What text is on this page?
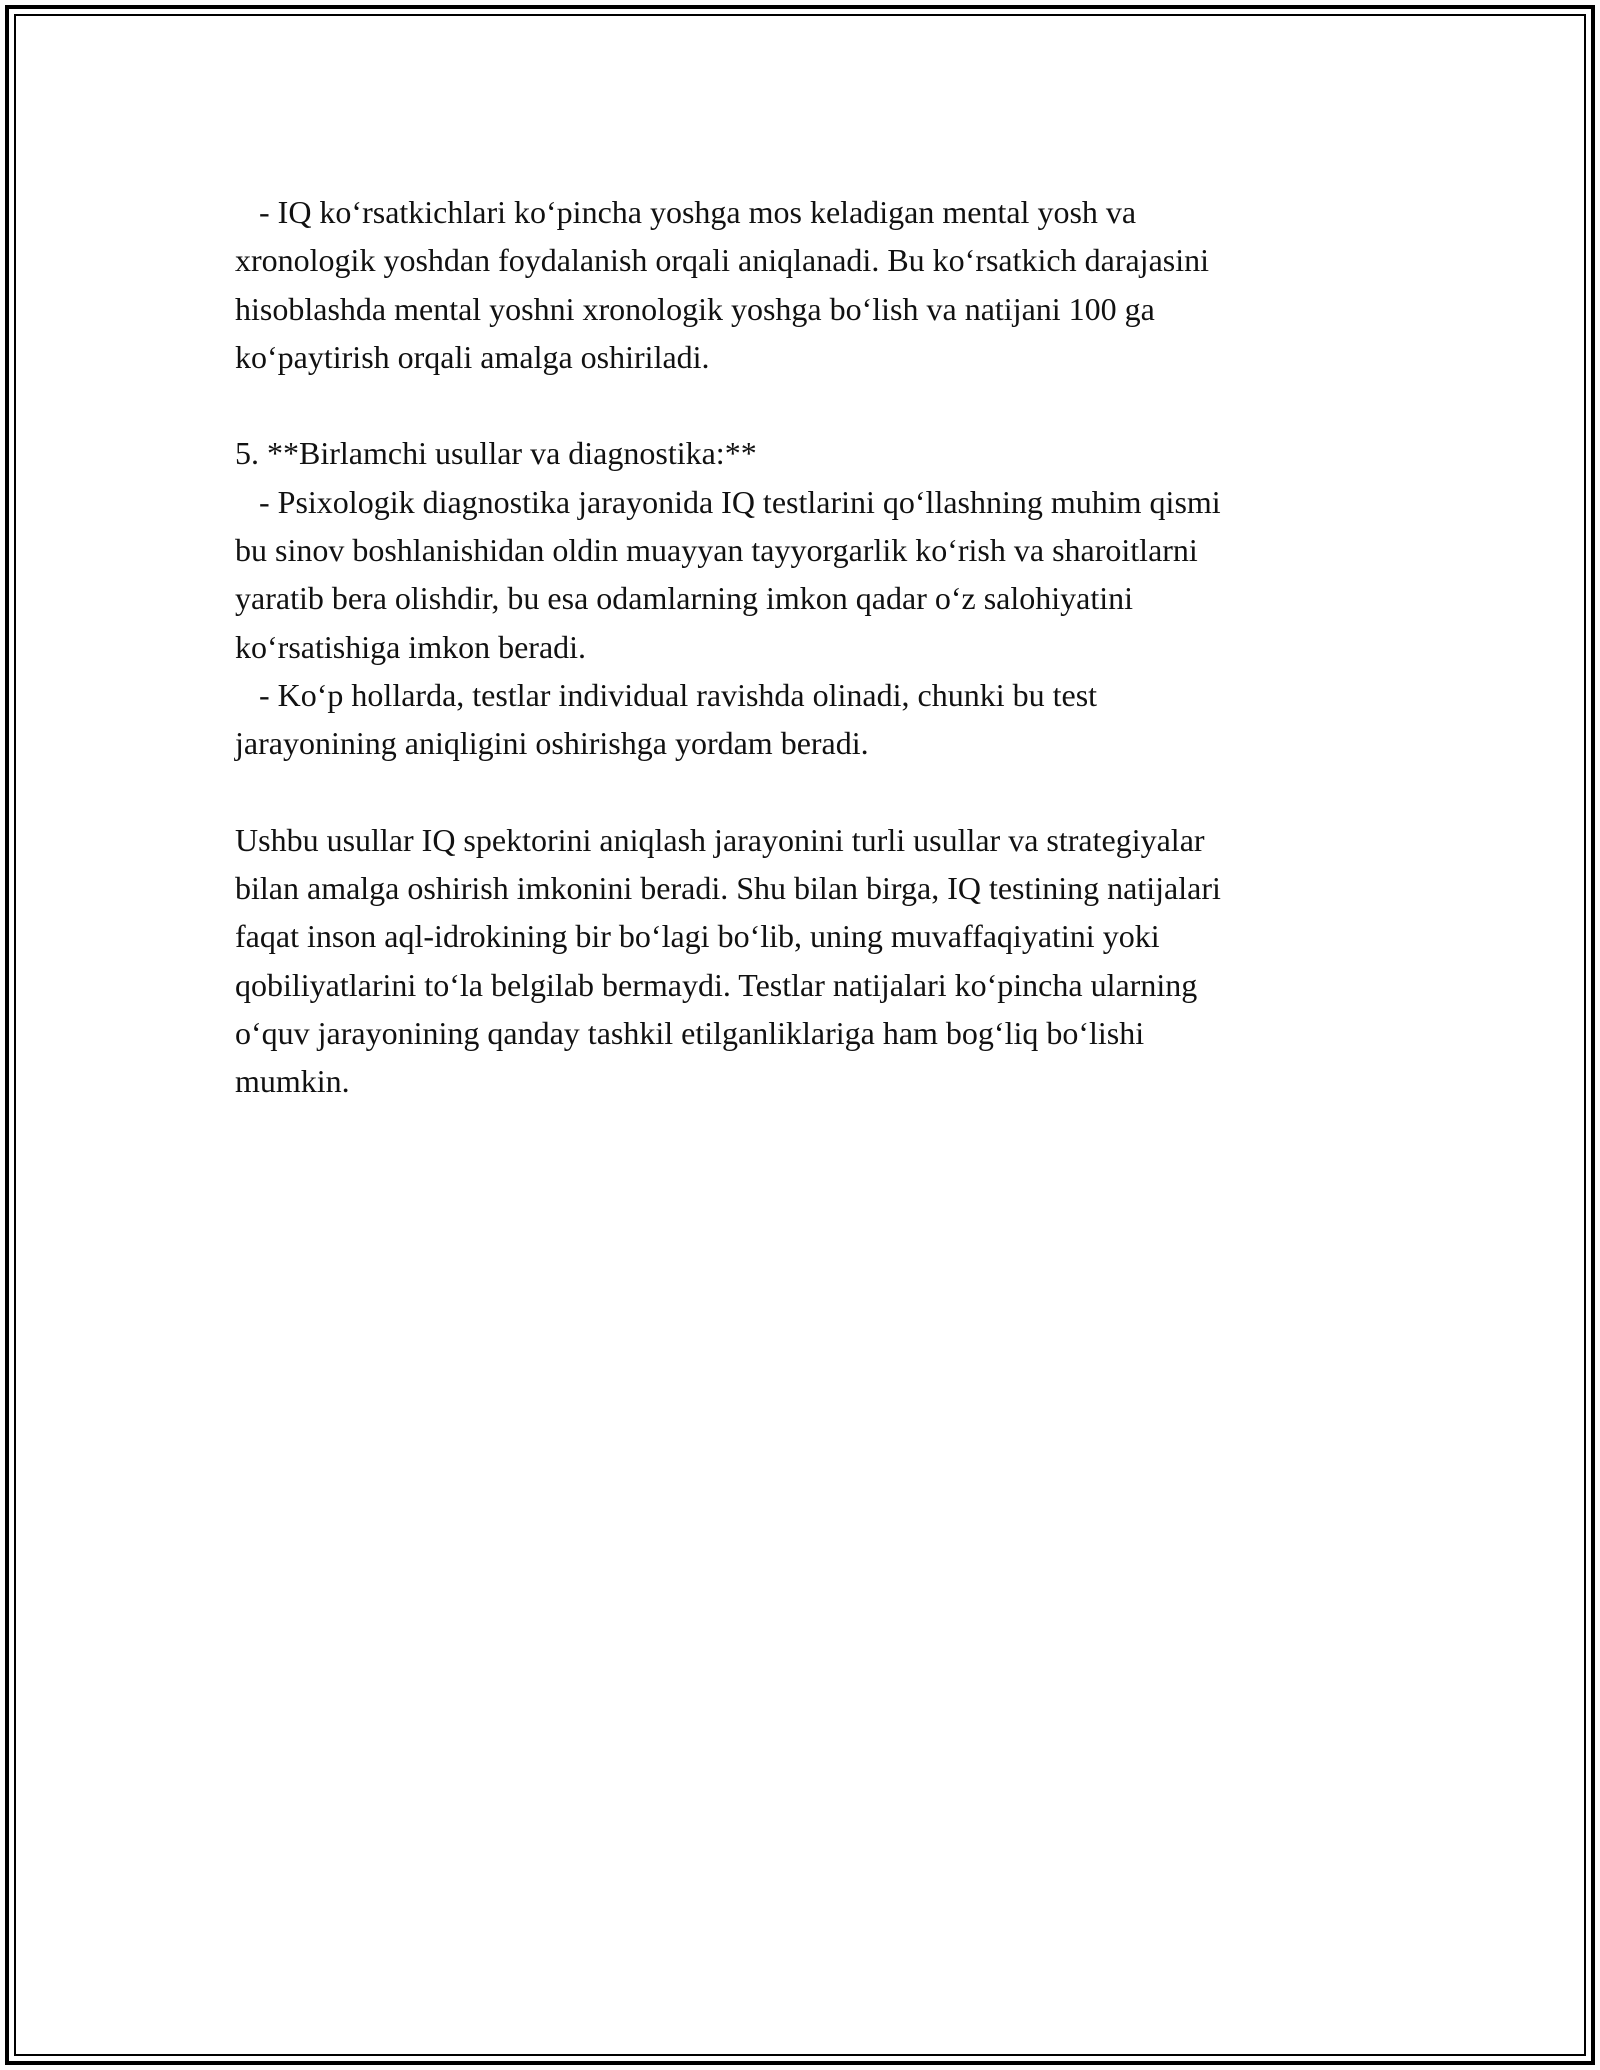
- IQ ko‘rsatkichlari ko‘pincha yoshga mos keladigan mental yosh va
xronologik yoshdan foydalanish orqali aniqlanadi. Bu ko‘rsatkich darajasini
hisoblashda mental yoshni xronologik yoshga bo‘lish va natijani 100 ga
ko‘paytirish orqali amalga oshiriladi.
5. **Birlamchi usullar va diagnostika:**
- Psixologik diagnostika jarayonida IQ testlarini qo‘llashning muhim qismi
bu sinov boshlanishidan oldin muayyan tayyorgarlik ko‘rish va sharoitlarni
yaratib bera olishdir, bu esa odamlarning imkon qadar o‘z salohiyatini
ko‘rsatishiga imkon beradi.
- Ko‘p hollarda, testlar individual ravishda olinadi, chunki bu test
jarayonining aniqligini oshirishga yordam beradi.
Ushbu usullar IQ spektorini aniqlash jarayonini turli usullar va strategiyalar
bilan amalga oshirish imkonini beradi. Shu bilan birga, IQ testining natijalari
faqat inson aql-idrokining bir bo‘lagi bo‘lib, uning muvaffaqiyatini yoki
qobiliyatlarini to‘la belgilab bermaydi. Testlar natijalari ko‘pincha ularning
o‘quv jarayonining qanday tashkil etilganliklariga ham bog‘liq bo‘lishi
mumkin.
